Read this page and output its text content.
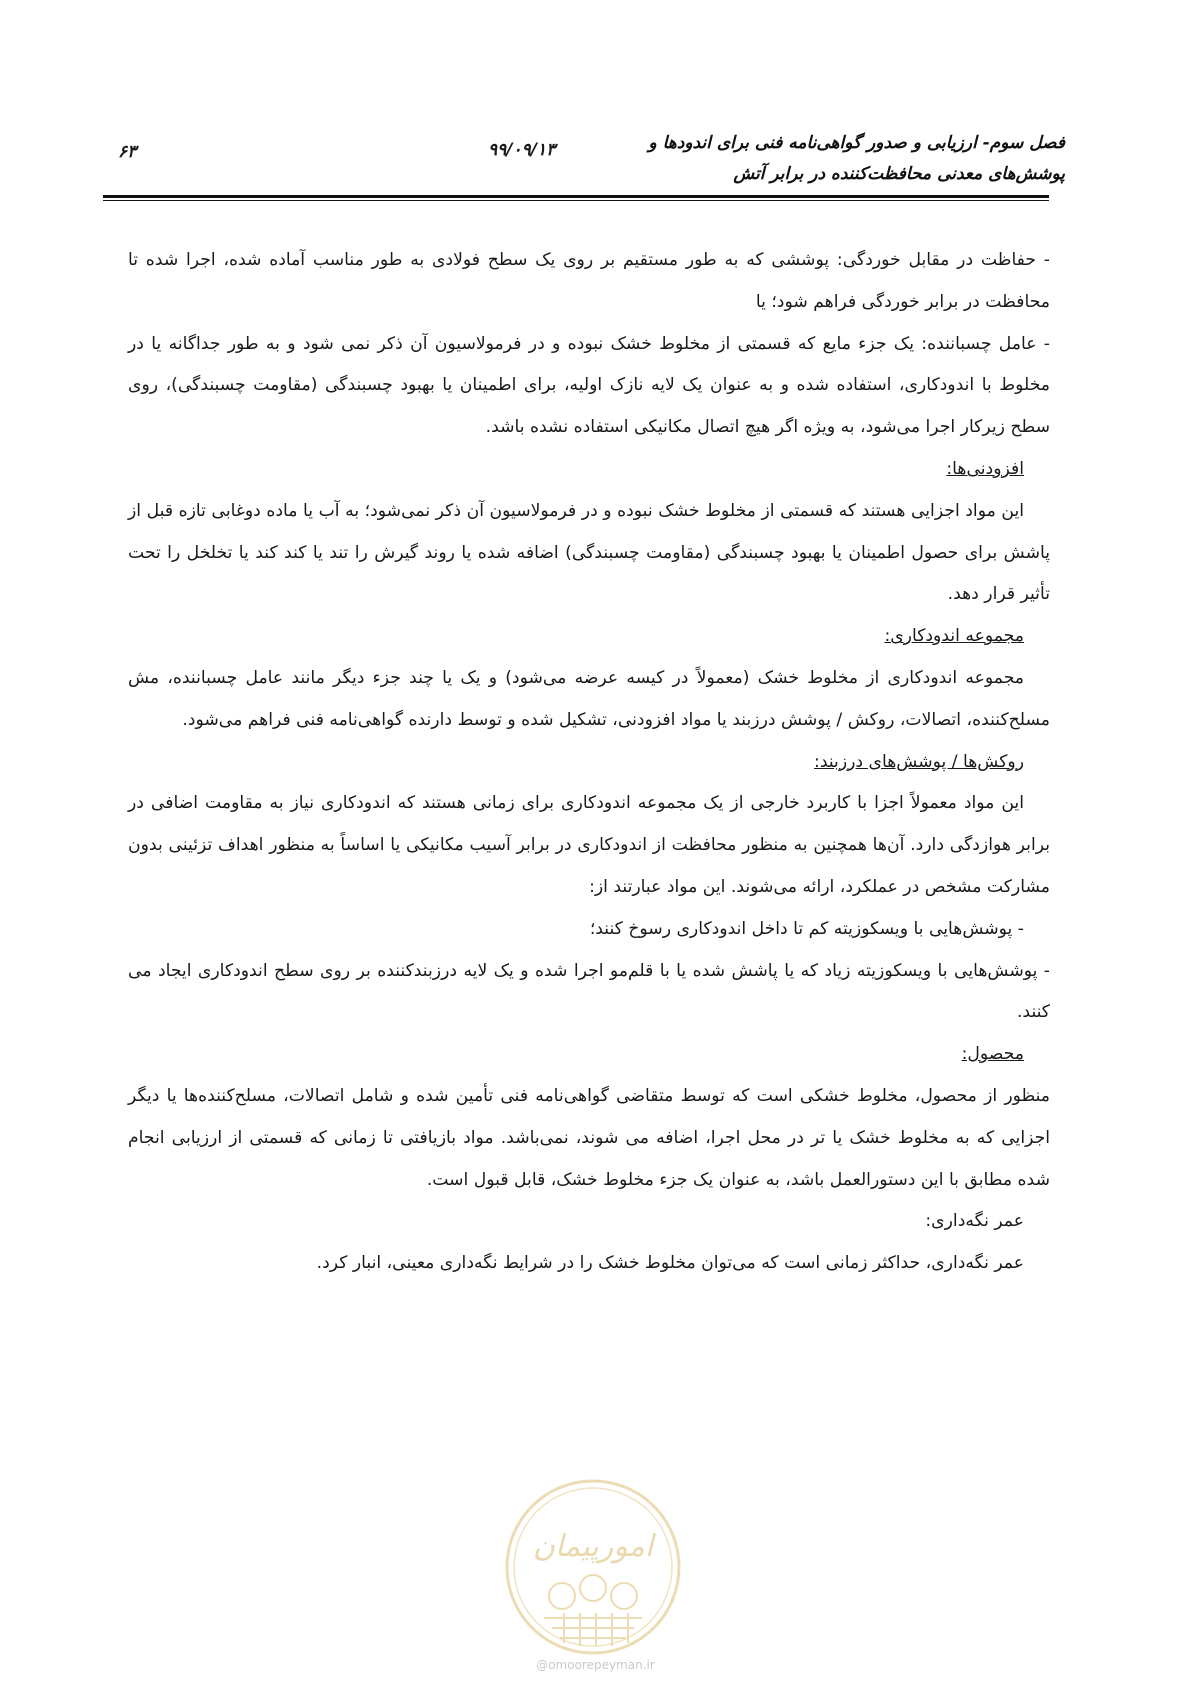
فصل سوم- ارزیابی و صدور گواهی‌نامه فنی برای اندودها و
پوشش‌های معدنی محافظت‌کننده در برابر آتش
۹۹/۰۹/۱۳
۶۳

- حفاظت در مقابل خوردگی: پوششی که به طور مستقیم بر روی یک سطح فولادی به طور مناسب آماده شده، اجرا شده تا محافظت در برابر خوردگی فراهم شود؛ یا

- عامل چسباننده: یک جزء مایع که قسمتی از مخلوط خشک نبوده و در فرمولاسیون آن ذکر نمی شود و به طور جداگانه یا در مخلوط با اندودکاری، استفاده شده و به عنوان یک لایه نازک اولیه، برای اطمینان یا بهبود چسبندگی (مقاومت چسبندگی)، روی سطح زیرکار اجرا می‌شود، به ویژه اگر هیچ اتصال مکانیکی استفاده نشده باشد.

افزودنی‌ها:

این مواد اجزایی هستند که قسمتی از مخلوط خشک نبوده و در فرمولاسیون آن ذکر نمی‌شود؛ به آب یا ماده دوغابی تازه قبل از پاشش برای حصول اطمینان یا بهبود چسبندگی (مقاومت چسبندگی) اضافه شده یا روند گیرش را تند یا کند کند یا تخلخل را تحت تأثیر قرار دهد.

مجموعه اندودکاری:

مجموعه اندودکاری از مخلوط خشک (معمولاً در کیسه عرضه می‌شود) و یک یا چند جزء دیگر مانند عامل چسباننده، مش مسلح‌کننده، اتصالات، روکش / پوشش درزبند یا مواد افزودنی، تشکیل شده و توسط دارنده گواهی‌نامه فنی فراهم می‌شود.

روکش‌ها / پوشش‌های درزبند:

این مواد معمولاً اجزا با کاربرد خارجی از یک مجموعه اندودکاری برای زمانی هستند که اندودکاری نیاز به مقاومت اضافی در برابر هوازدگی دارد. آن‌ها همچنین به منظور محافظت از اندودکاری در برابر آسیب مکانیکی یا اساساً به منظور اهداف تزئینی بدون مشارکت مشخص در عملکرد، ارائه می‌شوند. این مواد عبارتند از:

- پوشش‌هایی با ویسکوزیته کم تا داخل اندودکاری رسوخ کنند؛

- پوشش‌هایی با ویسکوزیته زیاد که یا پاشش شده یا با قلم‌مو اجرا شده و یک لایه درزبندکننده بر روی سطح اندودکاری ایجاد می کنند.

محصول:

منظور از محصول، مخلوط خشکی است که توسط متقاضی گواهی‌نامه فنی تأمین شده و شامل اتصالات، مسلح‌کننده‌ها یا دیگر اجزایی که به مخلوط خشک یا تر در محل اجرا، اضافه می شوند، نمی‌باشد. مواد بازیافتی تا زمانی که قسمتی از ارزیابی انجام شده مطابق با این دستورالعمل باشد، به عنوان یک جزء مخلوط خشک، قابل قبول است.

عمر نگه‌داری:

عمر نگه‌داری، حداکثر زمانی است که می‌توان مخلوط خشک را در شرایط نگه‌داری معینی، انبار کرد.

امورپیمان
@omoorepeyman.ir
